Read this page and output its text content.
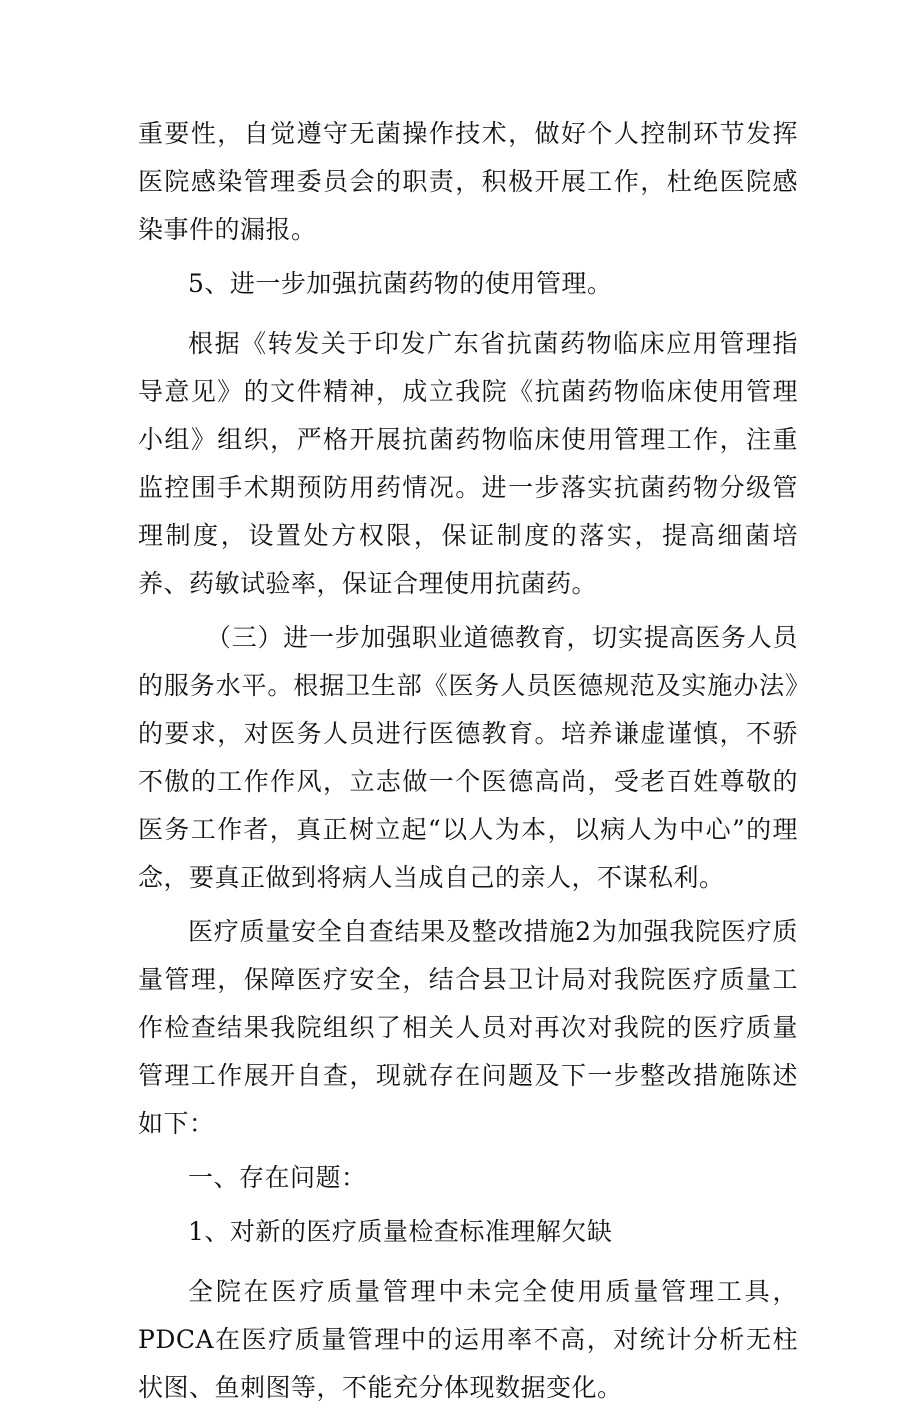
重要性，自觉遵守无菌操作技术，做好个人控制环节发挥医院感染管理委员会的职责，积极开展工作，杜绝医院感染事件的漏报。

5、进一步加强抗菌药物的使用管理。

根据《转发关于印发广东省抗菌药物临床应用管理指导意见》的文件精神，成立我院《抗菌药物临床使用管理小组》组织，严格开展抗菌药物临床使用管理工作，注重监控围手术期预防用药情况。进一步落实抗菌药物分级管理制度，设置处方权限，保证制度的落实，提高细菌培养、药敏试验率，保证合理使用抗菌药。

（三）进一步加强职业道德教育，切实提高医务人员的服务水平。根据卫生部《医务人员医德规范及实施办法》的要求，对医务人员进行医德教育。培养谦虚谨慎，不骄不傲的工作作风，立志做一个医德高尚，受老百姓尊敬的医务工作者，真正树立起“以人为本，以病人为中心”的理念，要真正做到将病人当成自己的亲人，不谋私利。

医疗质量安全自查结果及整改措施2为加强我院医疗质量管理，保障医疗安全，结合县卫计局对我院医疗质量工作检查结果我院组织了相关人员对再次对我院的医疗质量管理工作展开自查，现就存在问题及下一步整改措施陈述如下：

一、存在问题：

1、对新的医疗质量检查标准理解欠缺

全院在医疗质量管理中未完全使用质量管理工具，PDCA在医疗质量管理中的运用率不高，对统计分析无柱状图、鱼刺图等，不能充分体现数据变化。
